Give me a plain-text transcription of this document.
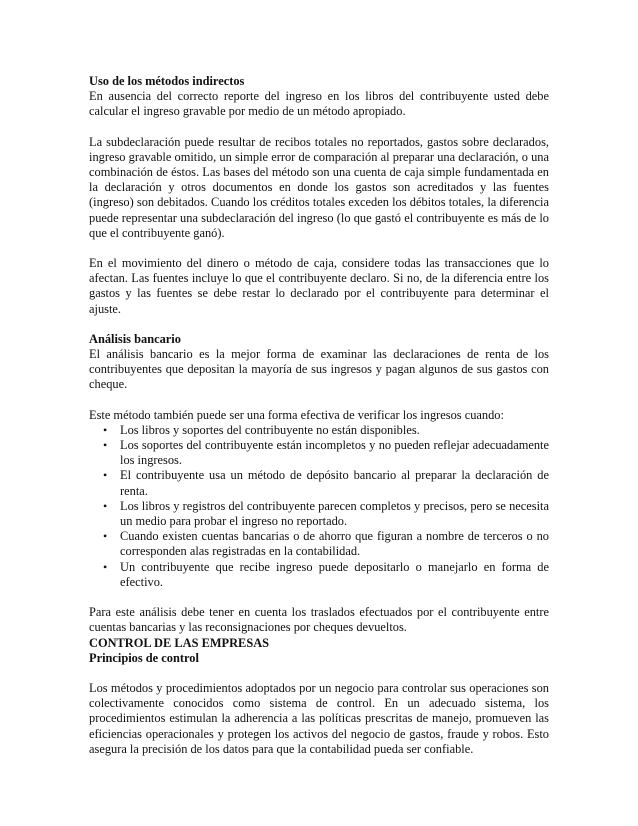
Uso de los métodos indirectos

En ausencia del correcto reporte del ingreso en los libros del contribuyente usted debe calcular el ingreso gravable por medio de un método apropiado.

La subdeclaración puede resultar de recibos totales no reportados, gastos sobre declarados, ingreso gravable omitido, un simple error de comparación al preparar una declaración, o una combinación de éstos. Las bases del método son una cuenta de caja simple fundamentada en la declaración y otros documentos en donde los gastos son acreditados y las fuentes (ingreso) son debitados. Cuando los créditos totales exceden los débitos totales, la diferencia puede representar una subdeclaración del ingreso (lo que gastó el contribuyente es más de lo que el contribuyente ganó).

En el movimiento del dinero o método de caja, considere todas las transacciones que lo afectan. Las fuentes incluye lo que el contribuyente declaro. Si no, de la diferencia entre los gastos y las fuentes se debe restar lo declarado por el contribuyente para determinar el ajuste.

Análisis bancario

El análisis bancario es la mejor forma de examinar las declaraciones de renta de los contribuyentes que depositan la mayoría de sus ingresos y pagan algunos de sus gastos con cheque.

Este método también puede ser una forma efectiva de verificar los ingresos cuando:

• Los libros y soportes del contribuyente no están disponibles.
• Los soportes del contribuyente están incompletos y no pueden reflejar adecuadamente los ingresos.
• El contribuyente usa un método de depósito bancario al preparar la declaración de renta.
• Los libros y registros del contribuyente parecen completos y precisos, pero se necesita un medio para probar el ingreso no reportado.
• Cuando existen cuentas bancarias o de ahorro que figuran a nombre de terceros o no corresponden alas registradas en la contabilidad.
• Un contribuyente que recibe ingreso puede depositarlo o manejarlo en forma de efectivo.

Para este análisis debe tener en cuenta los traslados efectuados por el contribuyente entre cuentas bancarias y las reconsignaciones por cheques devueltos.

CONTROL DE LAS EMPRESAS
Principios de control

Los métodos y procedimientos adoptados por un negocio para controlar sus operaciones son colectivamente conocidos como sistema de control. En un adecuado sistema, los procedimientos estimulan la adherencia a las políticas prescritas de manejo, promueven las eficiencias operacionales y protegen los activos del negocio de gastos, fraude y robos. Esto asegura la precisión de los datos para que la contabilidad pueda ser confiable.
